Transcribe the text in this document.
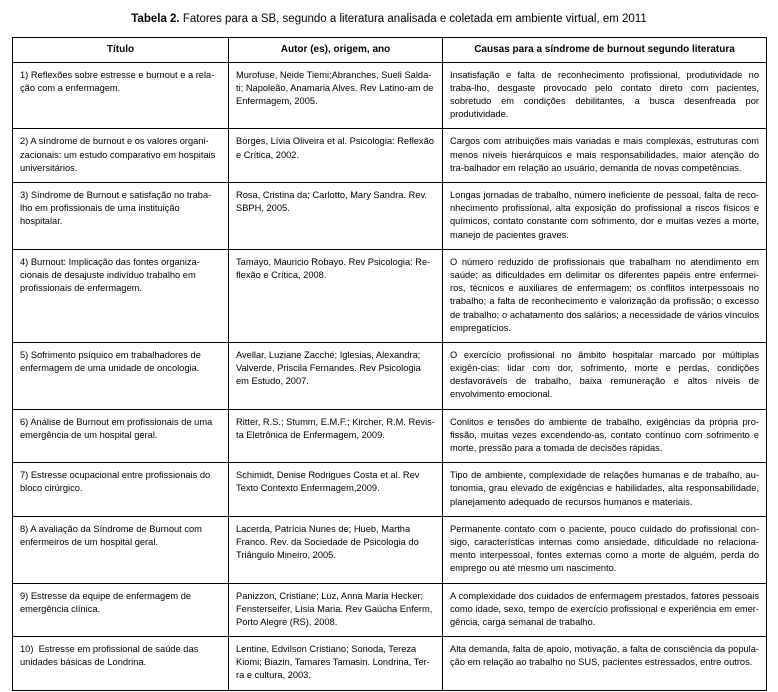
Tabela 2. Fatores para a SB, segundo a literatura analisada e coletada em ambiente virtual, em 2011
Título	Autor (es), origem, ano	Causas para a síndrome de burnout segundo literatura
1) Reflexões sobre estresse e burnout e a rela-ção com a enfermagem.	Murofuse, Neide Tiemi;Abranches, Sueli Salda-ti; Napoleão, Anamaria Alves. Rev Latino-am de Enfermagem, 2005.	Insatisfação e falta de reconhecimento profissional, produtividade no traba-lho, desgaste provocado pelo contato direto com pacientes, sobretudo em condições debilitantes, a busca desenfreada por produtividade.
2) A síndrome de burnout e os valores organi-zacionais: um estudo comparativo em hospitais universitários.	Borges, Lívia Oliveira et al. Psicologia: Reflexão e Crítica, 2002.	Cargos com atribuições mais variadas e mais complexas, estruturas com menos níveis hierárquicos e mais responsabilidades, maior atenção do tra-balhador em relação ao usuário, demanda de novas competências.
3) Síndrome de Burnout e satisfação no traba-lho em profissionais de uma instituição hospitalar.	Rosa, Cristina da; Carlotto, Mary Sandra. Rev. SBPH, 2005.	Longas jornadas de trabalho, número ineficiente de pessoal, falta de reco-nhecimento profissional, alta exposição do profissional a riscos físicos e químicos, contato constante com sofrimento, dor e muitas vezes a morte, manejo de pacientes graves.
4) Burnout: Implicação das fontes organiza-cionais de desajuste indivíduo trabalho em profissionais de enfermagem.	Tamayo, Mauricio Robayo. Rev Psicologia: Re-flexão e Crítica, 2008.	O número reduzido de profissionais que trabalham no atendimento em saúde; as dificuldades em delimitar os diferentes papéis entre enfermei-ros, técnicos e auxiliares de enfermagem; os conflitos interpessoais no trabalho; a falta de reconhecimento e valorização da profissão; o excesso de trabalho; o achatamento dos salários; a necessidade de vários vínculos empregatícios.
5) Sofrimento psíquico em trabalhadores de enfermagem de uma unidade de oncologia.	Avellar, Luziane Zacché; Iglesias, Alexandra; Valverde, Priscila Fernandes. Rev Psicologia em Estudo, 2007.	O exercício profissional no âmbito hospitalar marcado por múltiplas exigên-cias: lidar com dor, sofrimento, morte e perdas, condições desfavoráveis de trabalho, baixa remuneração e altos níveis de envolvimento emocional.
6) Análise de Burnout em profissionais de uma emergência de um hospital geral.	Ritter, R.S.; Stumm, E.M.F.; Kircher, R.M. Revis-ta Eletrônica de Enfermagem, 2009.	Conlitos e tensões do ambiente de trabalho, exigências da própria pro-fissão, muitas vezes excendendo-as, contato contínuo com sofrimento e morte, pressão para a tomada de decisões rápidas.
7) Estresse ocupacional entre profissionais do bloco cirúrgico.	Schimidt, Denise Rodrigues Costa et al. Rev Texto Contexto Enfermagem,2009.	Tipo de ambiente, complexidade de relações humanas e de trabalho, au-tonomia, grau elevado de exigências e habilidades, alta responsabilidade, planejamento adequado de recursos humanos e materiais.
8) A avaliação da Síndrome de Burnout com enfermeiros de um hospital geral.	Lacerda, Patrícia Nunes de; Hueb, Martha Franco. Rev. da Sociedade de Psicologia do Triângulo Mineiro, 2005.	Permanente contato com o paciente, pouco cuidado do profissional con-sigo, características internas como ansiedade, dificuldade no relaciona-mento interpessoal, fontes externas como a morte de alguém, perda do emprego ou até mesmo um nascimento.
9) Estresse da equipe de enfermagem de emergência clínica.	Panizzon, Cristiane; Luz, Anna Maria Hecker; Fensterseifer, Lísia Maria. Rev Gaúcha Enferm, Porto Alegre (RS), 2008.	A complexidade dos cuidados de enfermagem prestados, fatores pessoais como idade, sexo, tempo de exercício profissional e experiência em emer-gência, carga semanal de trabalho.
10)  Estresse em profissional de saúde das unidades básicas de Londrina.	Lentine, Edvilson Cristiano; Sonoda, Tereza Kiomi; Biazin, Tamares Tamasin. Londrina, Ter-ra e cultura, 2003.	Alta demanda, falta de apoio, motivação, a falta de consciência da popula-ção em relação ao trabalho no SUS, pacientes estressados, entre outros.
